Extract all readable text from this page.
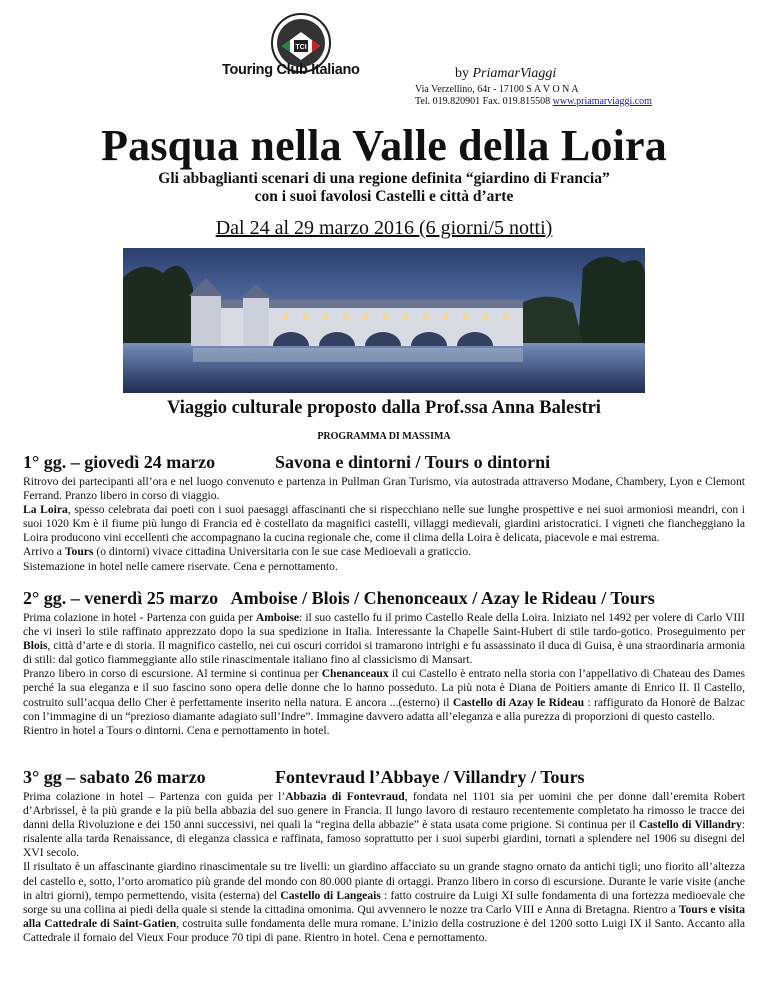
TCI
Touring Club Italiano	by PriamarViaggi
Via Verzellino, 64r - 17100 S A V O N A
Tel. 019.820901 Fax. 019.815508 www.priamarviaggi.com
Pasqua nella Valle della Loira
Gli abbaglianti scenari di una regione definita “giardino di Francia”
con i suoi favolosi Castelli e città d’arte
Dal 24 al 29 marzo 2016 (6 giorni/5 notti)
Viaggio culturale proposto dalla Prof.ssa Anna Balestri
PROGRAMMA DI MASSIMA
1° gg. – giovedì 24 marzo	Savona e dintorni / Tours o dintorni

Ritrovo dei partecipanti all’ora e nel luogo convenuto e partenza in Pullman Gran Turismo, via autostrada attraverso Modane, Chambery, Lyon e Clemont Ferrand. Pranzo libero in corso di viaggio.

La Loira, spesso celebrata dai poeti con i suoi paesaggi affascinanti che si rispecchiano nelle sue lunghe prospettive e nei suoi armoniosi meandri, con i suoi 1020 Km è il fiume più lungo di Francia ed è costellato da magnifici castelli, villaggi medievali, giardini aristocratici. I vigneti che fiancheggiano la Loira producono vini eccellenti che accompagnano la cucina regionale che, come il clima della Loira è delicata, piacevole e mai estrema.

Arrivo a Tours (o dintorni) vivace cittadina Universitaria con le sue case Medioevali a graticcio.

Sistemazione in hotel nelle camere riservate. Cena e pernottamento.

2° gg. – venerdì 25 marzo Amboise / Blois / Chenonceaux / Azay le Rideau / Tours

Prima colazione in hotel - Partenza con guida per Amboise: il suo castello fu il primo Castello Reale della Loira. Iniziato nel 1492 per volere di Carlo VIII che vi inserì lo stile raffinato apprezzato dopo la sua spedizione in Italia. Interessante la Chapelle Saint-Hubert di stile tardo-gotico. Proseguimento per Blois, città d’arte e di storia. Il magnifico castello, nei cui oscuri corridoi si tramarono intrighi e fu assassinato il duca di Guisa, è una straordinaria armonia di stili: dal gotico fiammeggiante allo stile rinascimentale italiano fino al classicismo di Mansart.

Pranzo libero in corso di escursione. Al termine si continua per Chenanceaux il cui Castello è entrato nella storia con l’appellativo di Chateau des Dames perché la sua eleganza e il suo fascino sono opera delle donne che lo hanno posseduto. La più nota è Diana de Poitiers amante di Enrico II. Il Castello, costruito sull’acqua dello Cher è perfettamente inserito nella natura. E ancora ...(esterno) il Castello di Azay le Rideau : raffigurato da Honorè de Balzac con l’immagine di un “prezioso diamante adagiato sull’Indre”. Immagine davvero adatta all’eleganza e alla purezza di proporzioni di questo castello.

Rientro in hotel a Tours o dintorni. Cena e pernottamento in hotel.

3° gg – sabato 26 marzo	Fontevraud l’Abbaye / Villandry / Tours

Prima colazione in hotel – Partenza con guida per l’Abbazia di Fontevraud, fondata nel 1101 sia per uomini che per donne dall’eremita Robert d’Arbrissel, è la più grande e la più bella abbazia del suo genere in Francia. Il lungo lavoro di restauro recentemente completato ha rimosso le tracce dei danni della Rivoluzione e dei 150 anni successivi, nei quali la “regina della abbazie” è stata usata come prigione. Si continua per il Castello di Villandry: risalente alla tarda Renaissance, di eleganza classica e raffinata, famoso soprattutto per i suoi superbi giardini, tornati a splendere nel 1906 su disegni del XVI secolo.

Il risultato è un affascinante giardino rinascimentale su tre livelli: un giardino affacciato su un grande stagno ornato da antichi tigli; uno fiorito all’altezza del castello e, sotto, l’orto aromatico più grande del mondo con 80.000 piante di ortaggi. Pranzo libero in corso di escursione. Durante le varie visite (anche in altri giorni), tempo permettendo, visita (esterna) del Castello di Langeais : fatto costruire da Luigi XI sulle fondamenta di una fortezza medioevale che sorge su una collina ai piedi della quale si stende la cittadina omonima. Qui avvennero le nozze tra Carlo VIII e Anna di Bretagna. Rientro a Tours e visita alla Cattedrale di Saint-Gatien, costruita sulle fondamenta delle mura romane. L’inizio della costruzione è del 1200 sotto Luigi IX il Santo. Accanto alla Cattedrale il fornaio del Vieux Four produce 70 tipi di pane. Rientro in hotel. Cena e pernottamento.
